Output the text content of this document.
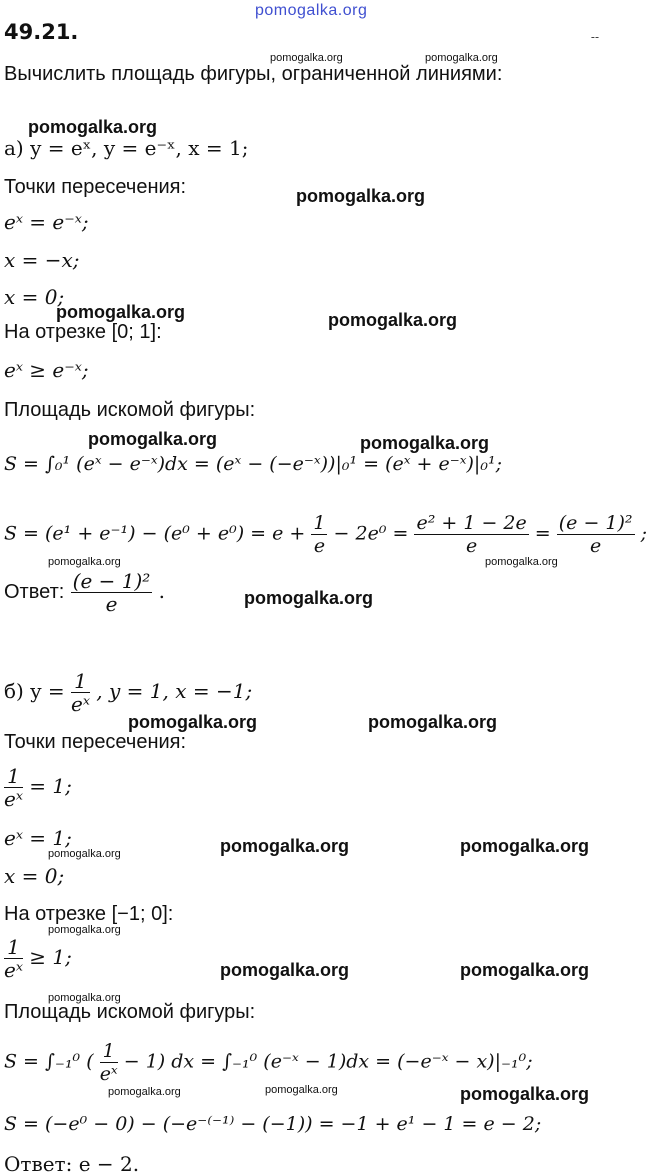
pomogalka.org
49.21.	--
pomogalka.org	pomogalka.org
Вычислить площадь фигуры, ограниченной линиями:
pomogalka.org
а) y = eˣ, y = e⁻ˣ, x = 1;
Точки пересечения:	pomogalka.org
eˣ = e⁻ˣ;
x = −x;
x = 0;
pomogalka.org	pomogalka.org
На отрезке [0; 1]:
eˣ ≥ e⁻ˣ;
Площадь искомой фигуры:
pomogalka.org	pomogalka.org
S = ∫₀¹ (eˣ − e⁻ˣ)dx = (eˣ − (−e⁻ˣ))|₀¹ = (eˣ + e⁻ˣ)|₀¹;
$S = (e^1 + e^{-1}) - (e^0 + e^0) = e + \frac{1}{e} - 2e^0 = \frac{\text{e² + 1 − 2e}}{e} = \frac{\text{(e − 1)²}}{e}$ ;
pomogalka.org	pomogalka.org
Ответ: $\frac{\text{(e − 1)²}}{e}$ .	pomogalka.org
б) $y = \frac{1}{\text{eˣ}}$ , y = 1, x = −1;
pomogalka.org	pomogalka.org
Точки пересечения:
$\frac{1}{\text{eˣ}} = 1$;
eˣ = 1;
pomogalka.org	pomogalka.org	pomogalka.org
x = 0;
На отрезке [−1; 0]:
pomogalka.org
$\frac{1}{\text{eˣ}} \ge 1$;
pomogalka.org	pomogalka.org
pomogalka.org
Площадь искомой фигуры:
S = ∫₋₁⁰ ( $\frac{1}{\text{eˣ}} - 1$) dx = ∫₋₁⁰ (e⁻ˣ − 1)dx = (−e⁻ˣ − x)|₋₁⁰;
pomogalka.org	pomogalka.org	pomogalka.org
S = (−e⁰ − 0) − (−e⁻⁽⁻¹⁾ − (−1)) = −1 + e¹ − 1 = e − 2;
Ответ: e − 2.
